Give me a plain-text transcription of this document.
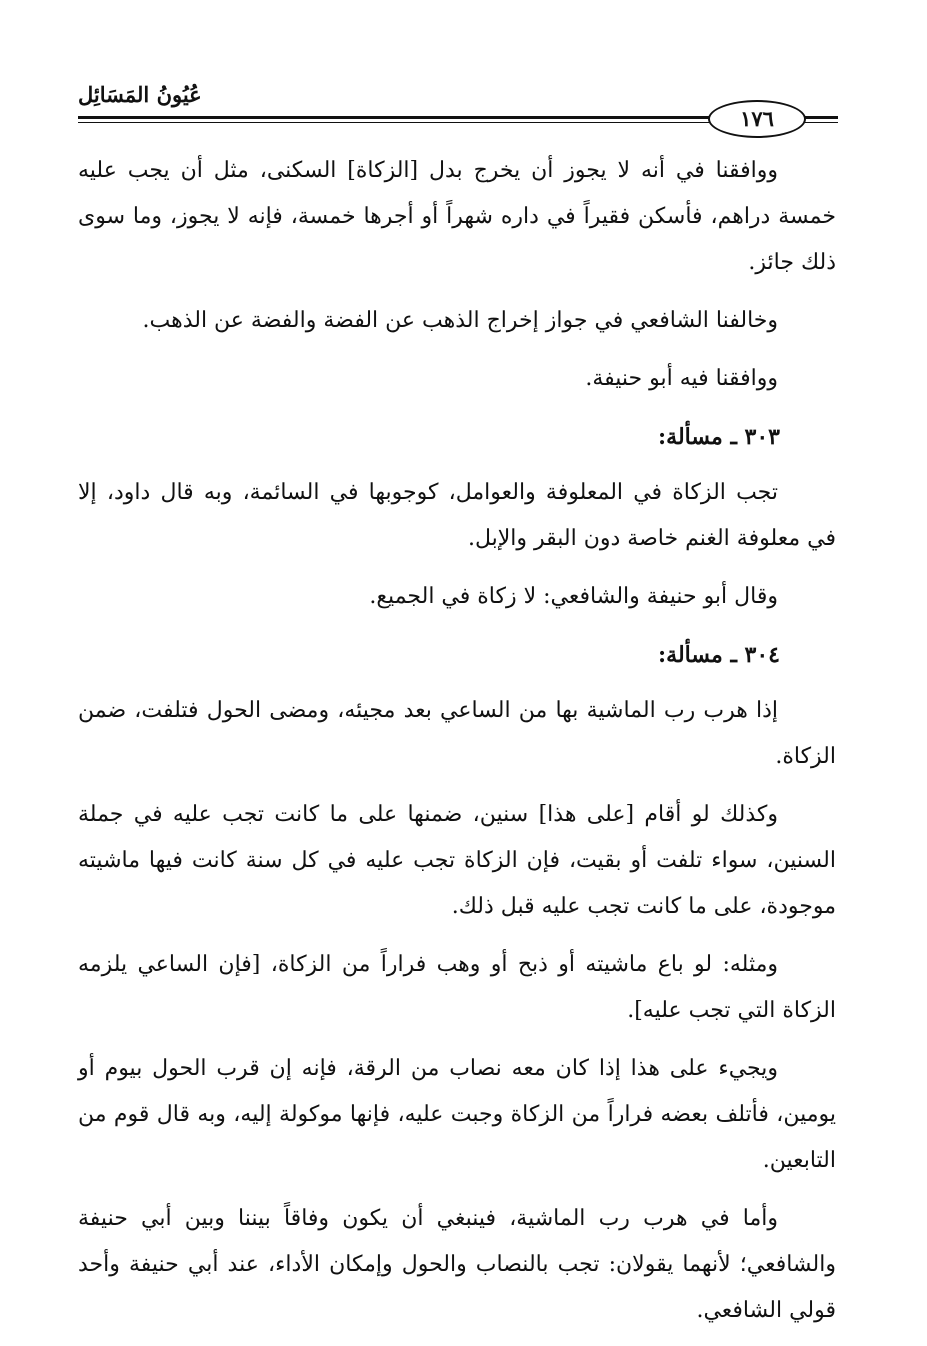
عُيُونُ المَسَائِل
١٧٦

ووافقنا في أنه لا يجوز أن يخرج بدل [الزكاة] السكنى، مثل أن يجب عليه خمسة دراهم، فأسكن فقيراً في داره شهراً أو أجرها خمسة، فإنه لا يجوز، وما سوى ذلك جائز.

وخالفنا الشافعي في جواز إخراج الذهب عن الفضة والفضة عن الذهب.

ووافقنا فيه أبو حنيفة.

٣٠٣ ـ مسألة:

تجب الزكاة في المعلوفة والعوامل، كوجوبها في السائمة، وبه قال داود، إلا في معلوفة الغنم خاصة دون البقر والإبل.

وقال أبو حنيفة والشافعي: لا زكاة في الجميع.

٣٠٤ ـ مسألة:

إذا هرب رب الماشية بها من الساعي بعد مجيئه، ومضى الحول فتلفت، ضمن الزكاة.

وكذلك لو أقام [على هذا] سنين، ضمنها على ما كانت تجب عليه في جملة السنين، سواء تلفت أو بقيت، فإن الزكاة تجب عليه في كل سنة كانت فيها ماشيته موجودة، على ما كانت تجب عليه قبل ذلك.

ومثله: لو باع ماشيته أو ذبح أو وهب فراراً من الزكاة، [فإن الساعي يلزمه الزكاة التي تجب عليه].

ويجيء على هذا إذا كان معه نصاب من الرقة، فإنه إن قرب الحول بيوم أو يومين، فأتلف بعضه فراراً من الزكاة وجبت عليه، فإنها موكولة إليه، وبه قال قوم من التابعين.

وأما في هرب رب الماشية، فينبغي أن يكون وفاقاً بيننا وبين أبي حنيفة والشافعي؛ لأنهما يقولان: تجب بالنصاب والحول وإمكان الأداء، عند أبي حنيفة وأحد قولي الشافعي.
